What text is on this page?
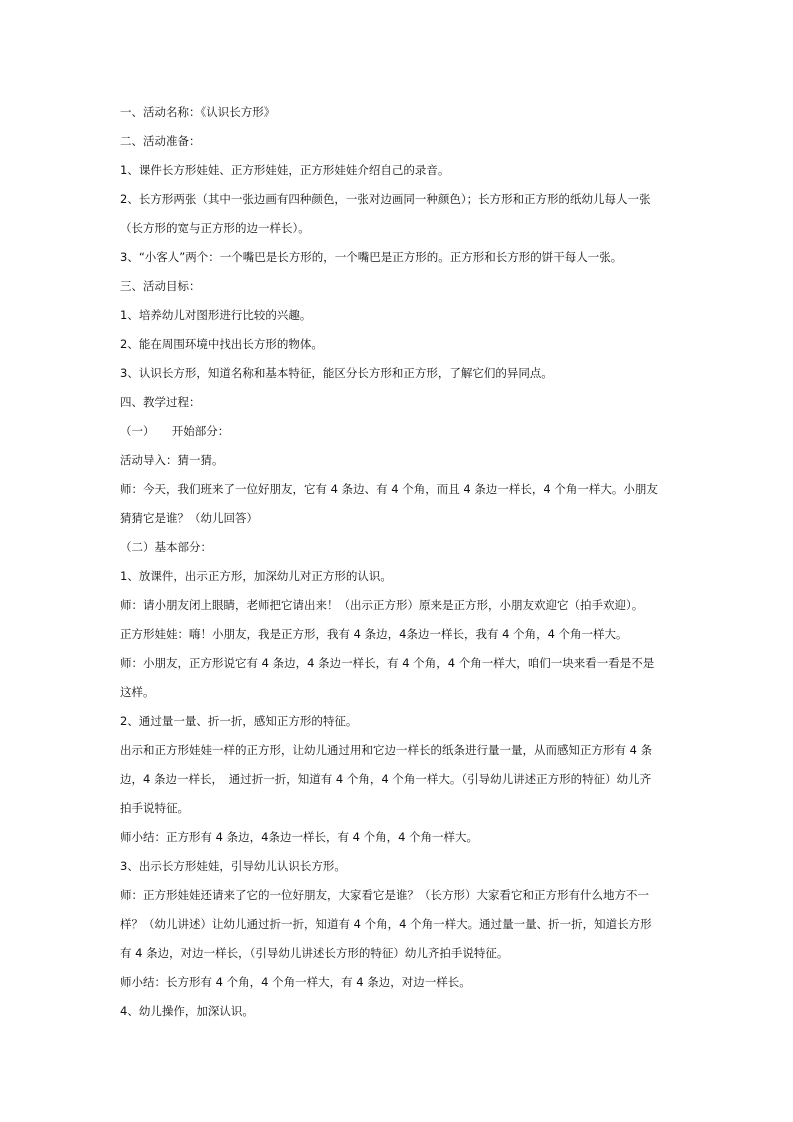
一、活动名称：《认识长方形》
二、活动准备：
1、课件长方形娃娃、正方形娃娃，正方形娃娃介绍自己的录音。
2、长方形两张（其中一张边画有四种颜色，一张对边画同一种颜色）；长方形和正方形的纸幼儿每人一张
（长方形的宽与正方形的边一样长）。
3、“小客人”两个：一个嘴巴是长方形的，一个嘴巴是正方形的。正方形和长方形的饼干每人一张。
三、活动目标：
1、培养幼儿对图形进行比较的兴趣。
2、能在周围环境中找出长方形的物体。
3、认识长方形，知道名称和基本特征，能区分长方形和正方形，了解它们的异同点。
四、教学过程：
（一）　　开始部分：
活动导入：猜一猜。
师：今天，我们班来了一位好朋友，它有 4 条边、有 4 个角，而且 4 条边一样长，4 个角一样大。小朋友
猜猜它是谁？（幼儿回答）
（二）基本部分：
1、放课件，出示正方形，加深幼儿对正方形的认识。
师：请小朋友闭上眼睛，老师把它请出来！（出示正方形）原来是正方形，小朋友欢迎它（拍手欢迎）。
正方形娃娃：嗨！小朋友，我是正方形，我有 4 条边，4条边一样长，我有 4 个角，4 个角一样大。
师：小朋友，正方形说它有 4 条边，4 条边一样长，有 4 个角，4 个角一样大，咱们一块来看一看是不是
这样。
2、通过量一量、折一折，感知正方形的特征。
出示和正方形娃娃一样的正方形，让幼儿通过用和它边一样长的纸条进行量一量，从而感知正方形有 4 条
边，4 条边一样长，　通过折一折，知道有 4 个角，4 个角一样大。（引导幼儿讲述正方形的特征）幼儿齐
拍手说特征。
师小结：正方形有 4 条边，4条边一样长，有 4 个角，4 个角一样大。
3、出示长方形娃娃，引导幼儿认识长方形。
师：正方形娃娃还请来了它的一位好朋友，大家看它是谁？（长方形）大家看它和正方形有什么地方不一
样？（幼儿讲述）让幼儿通过折一折，知道有 4 个角，4 个角一样大。通过量一量、折一折，知道长方形
有 4 条边，对边一样长，（引导幼儿讲述长方形的特征）幼儿齐拍手说特征。
师小结：长方形有 4 个角，4 个角一样大，有 4 条边，对边一样长。
4、幼儿操作，加深认识。
